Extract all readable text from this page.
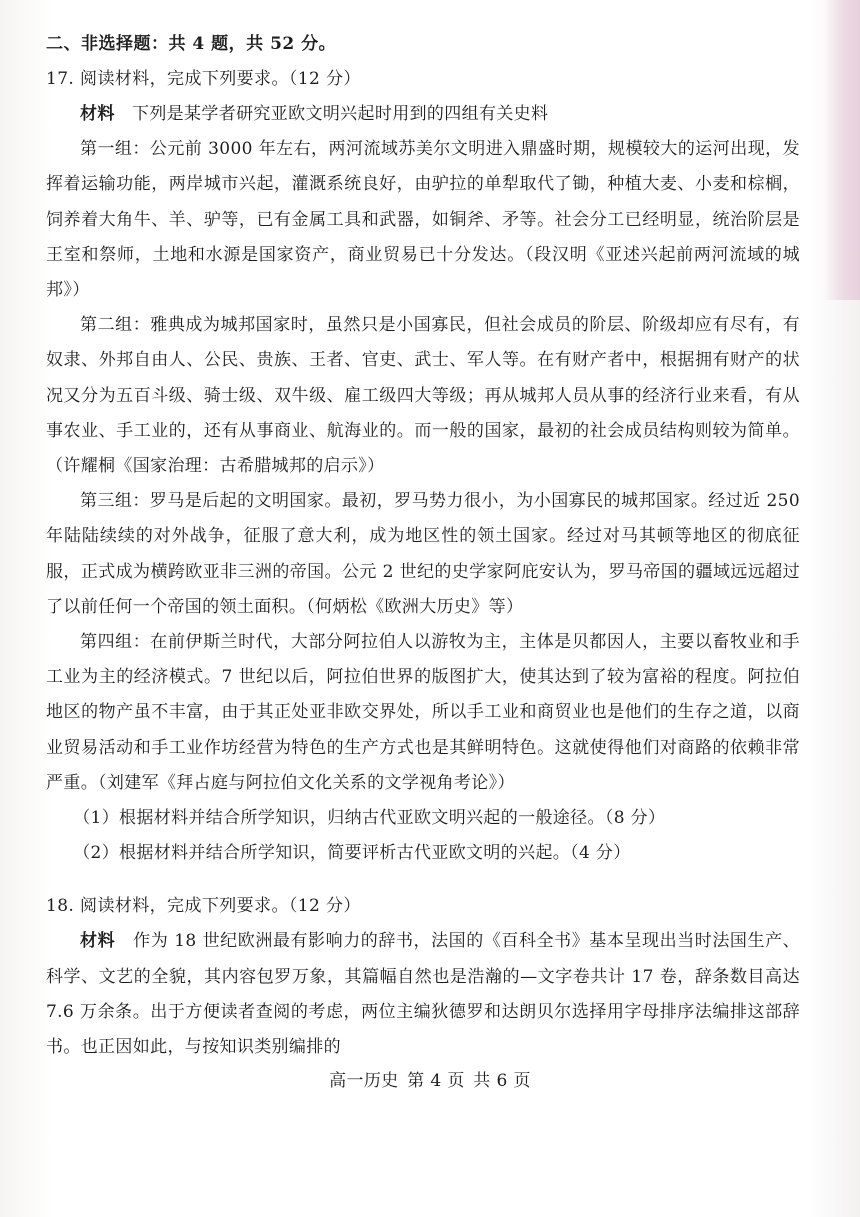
二、非选择题：共 4 题，共 52 分。

17. 阅读材料，完成下列要求。（12 分）

材料 下列是某学者研究亚欧文明兴起时用到的四组有关史料

第一组：公元前 3000 年左右，两河流域苏美尔文明进入鼎盛时期，规模较大的运河出现，发挥着运输功能，两岸城市兴起，灌溉系统良好，由驴拉的单犁取代了锄，种植大麦、小麦和棕榈，饲养着大角牛、羊、驴等，已有金属工具和武器，如铜斧、矛等。社会分工已经明显，统治阶层是王室和祭师，土地和水源是国家资产，商业贸易已十分发达。（段汉明《亚述兴起前两河流域的城邦》）

第二组：雅典成为城邦国家时，虽然只是小国寡民，但社会成员的阶层、阶级却应有尽有，有奴隶、外邦自由人、公民、贵族、王者、官吏、武士、军人等。在有财产者中，根据拥有财产的状况又分为五百斗级、骑士级、双牛级、雇工级四大等级；再从城邦人员从事的经济行业来看，有从事农业、手工业的，还有从事商业、航海业的。而一般的国家，最初的社会成员结构则较为简单。（许耀桐《国家治理：古希腊城邦的启示》）

第三组：罗马是后起的文明国家。最初，罗马势力很小，为小国寡民的城邦国家。经过近 250 年陆陆续续的对外战争，征服了意大利，成为地区性的领土国家。经过对马其顿等地区的彻底征服，正式成为横跨欧亚非三洲的帝国。公元 2 世纪的史学家阿庇安认为，罗马帝国的疆域远远超过了以前任何一个帝国的领土面积。（何炳松《欧洲大历史》等）

第四组：在前伊斯兰时代，大部分阿拉伯人以游牧为主，主体是贝都因人，主要以畜牧业和手工业为主的经济模式。7 世纪以后，阿拉伯世界的版图扩大，使其达到了较为富裕的程度。阿拉伯地区的物产虽不丰富，由于其正处亚非欧交界处，所以手工业和商贸业也是他们的生存之道，以商业贸易活动和手工业作坊经营为特色的生产方式也是其鲜明特色。这就使得他们对商路的依赖非常严重。（刘建军《拜占庭与阿拉伯文化关系的文学视角考论》）

（1）根据材料并结合所学知识，归纳古代亚欧文明兴起的一般途径。（8 分）

（2）根据材料并结合所学知识，简要评析古代亚欧文明的兴起。（4 分）

18. 阅读材料，完成下列要求。（12 分）

材料 作为 18 世纪欧洲最有影响力的辞书，法国的《百科全书》基本呈现出当时法国生产、科学、文艺的全貌，其内容包罗万象，其篇幅自然也是浩瀚的—文字卷共计 17 卷，辞条数目高达 7.6 万余条。出于方便读者查阅的考虑，两位主编狄德罗和达朗贝尔选择用字母排序法编排这部辞书。也正因如此，与按知识类别编排的

高一历史 第 4 页 共 6 页
